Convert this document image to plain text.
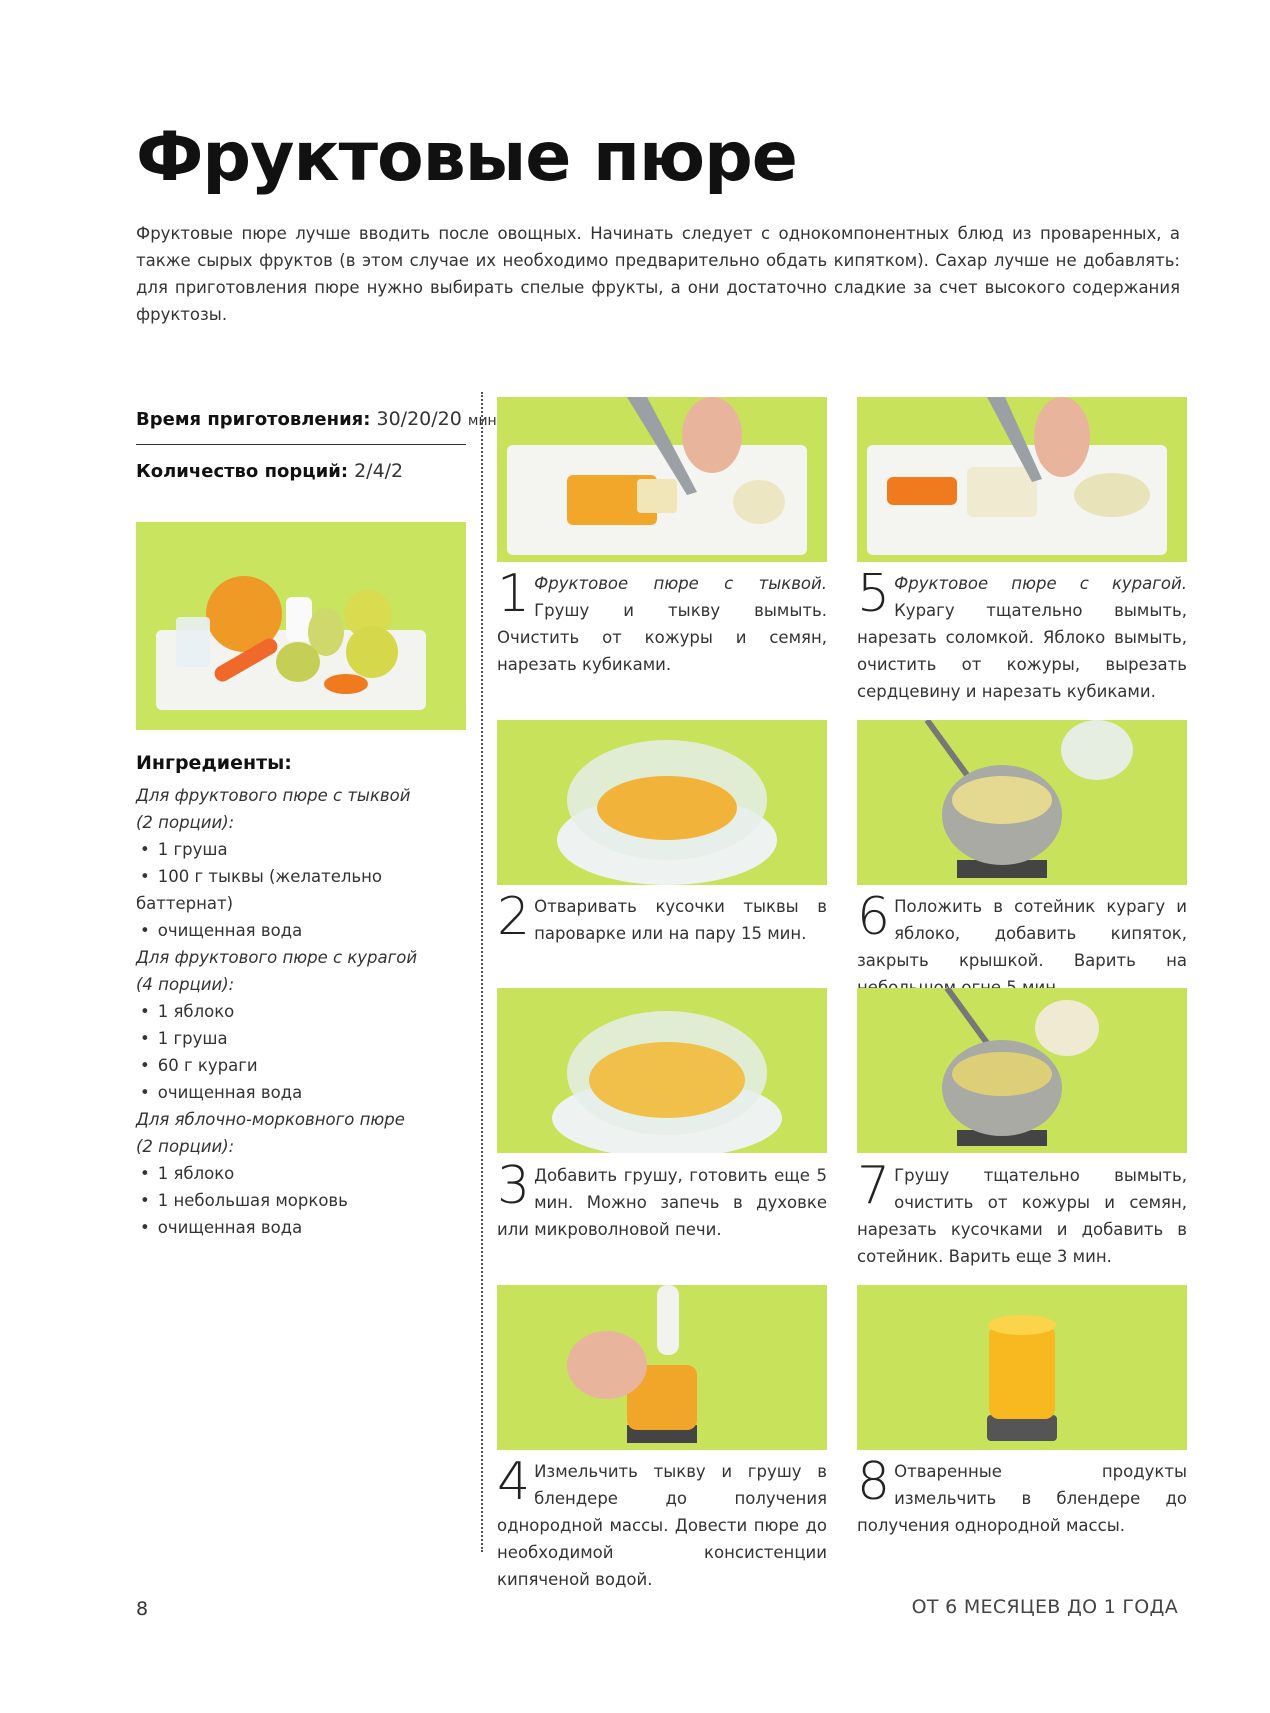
Фруктовые пюре

Фруктовые пюре лучше вводить после овощных. Начинать следует с однокомпонентных блюд из проваренных, а также сырых фруктов (в этом случае их необходимо предварительно обдать кипятком). Сахар лучше не добавлять: для приготовления пюре нужно выбирать спелые фрукты, а они достаточно сладкие за счет высокого содержания фруктозы.

Время приготовления: 30/20/20 мин
Количество порций: 2/4/2
Ингредиенты:
Для фруктового пюре с тыквой
(2 порции):
• 1 груша
• 100 г тыквы (желательно баттернат)
• очищенная вода
Для фруктового пюре с курагой
(4 порции):
• 1 яблоко
• 1 груша
• 60 г кураги
• очищенная вода
Для яблочно-морковного пюре
(2 порции):
• 1 яблоко
• 1 небольшая морковь
• очищенная вода
1 Фруктовое пюре с тыквой. Грушу и тыкву вымыть. Очистить от кожуры и семян, нарезать кубиками.
5 Фруктовое пюре с курагой. Курагу тщательно вымыть, нарезать соломкой. Яблоко вымыть, очистить от кожуры, вырезать сердцевину и нарезать кубиками.
2 Отваривать кусочки тыквы в пароварке или на пару 15 мин. 6 Положить в сотейник курагу и яблоко, добавить кипяток, закрыть крышкой. Варить на
3 Добавить грушу, готовить еще 5 мин. Можно запечь в духовке или микроволновой печи.
7 Грушу тщательно вымыть, очистить от кожуры и семян, нарезать кусочками и добавить в сотейник. Варить еще 3 мин.
4 Измельчить тыкву и грушу в блендере до получения однородной массы. Довести пюре до необходимой консистенции кипяченой водой.
8 Отваренные продукты измельчить в блендере до получения однородной массы.
8	ОТ 6 МЕСЯЦЕВ ДО 1 ГОДА
